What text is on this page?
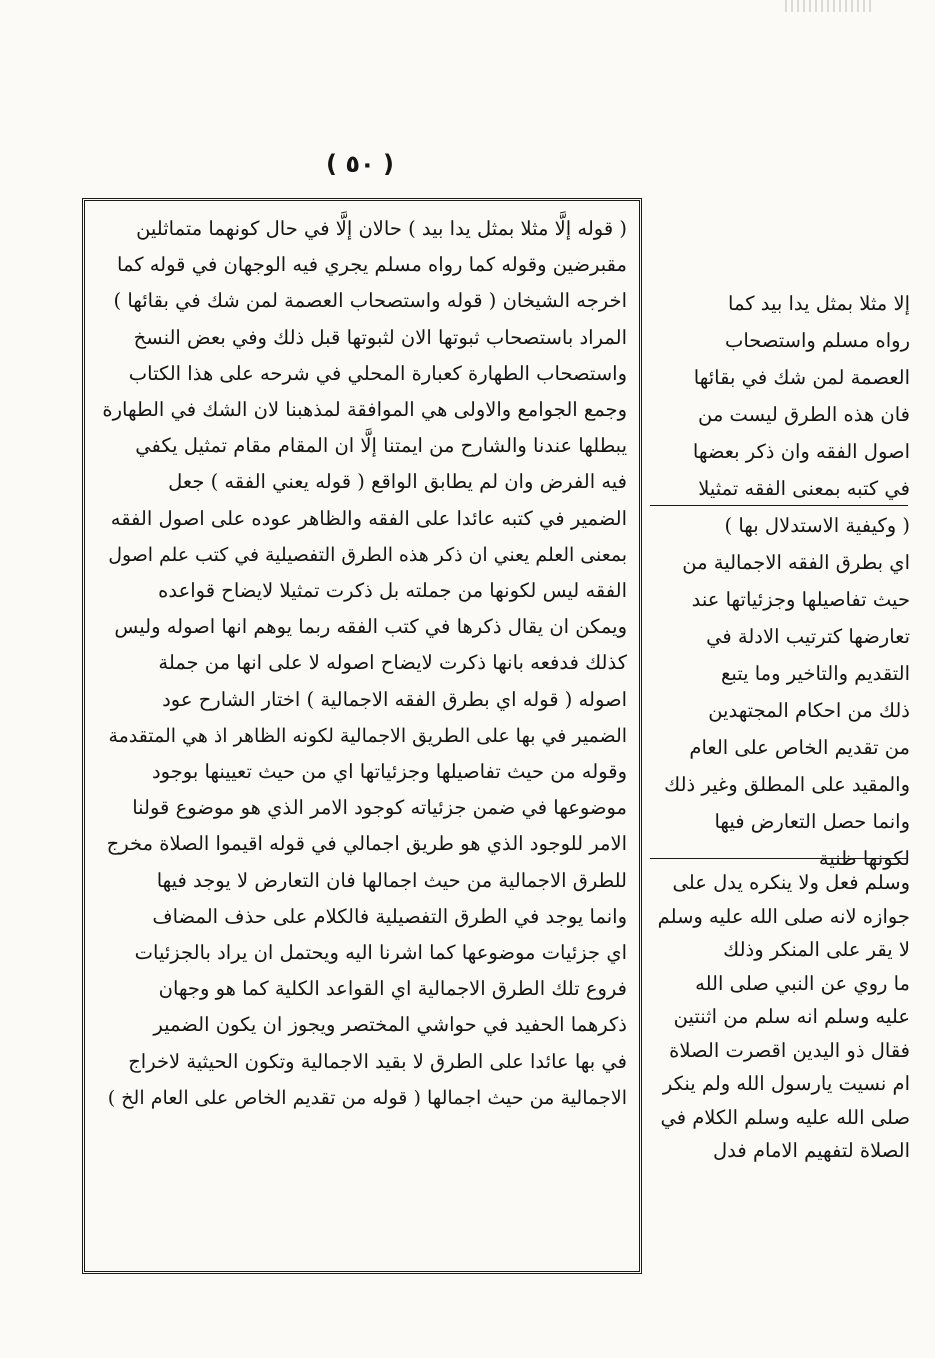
( ٥٠ )
( قوله إلَّا مثلا بمثل يدا بيد ) حالان إلَّا في حال كونهما متماثلين
مقبرضين وقوله كما رواه مسلم يجري فيه الوجهان في قوله كما
اخرجه الشيخان ( قوله واستصحاب العصمة لمن شك في بقائها )
المراد باستصحاب ثبوتها الان لثبوتها قبل ذلك وفي بعض النسخ
واستصحاب الطهارة كعبارة المحلي في شرحه على هذا الكتاب
وجمع الجوامع والاولى هي الموافقة لمذهبنا لان الشك في الطهارة
يبطلها عندنا والشارح من ايمتنا إلَّا ان المقام مقام تمثيل يكفي
فيه الفرض وان لم يطابق الواقع ( قوله يعني الفقه ) جعل
الضمير في كتبه عائدا على الفقه والظاهر عوده على اصول الفقه
بمعنى العلم يعني ان ذكر هذه الطرق التفصيلية في كتب علم اصول
الفقه ليس لكونها من جملته بل ذكرت تمثيلا لايضاح قواعده
ويمكن ان يقال ذكرها في كتب الفقه ربما يوهم انها اصوله وليس
كذلك فدفعه بانها ذكرت لايضاح اصوله لا على انها من جملة
اصوله ( قوله اي بطرق الفقه الاجمالية ) اختار الشارح عود
الضمير في بها على الطريق الاجمالية لكونه الظاهر اذ هي المتقدمة
وقوله من حيث تفاصيلها وجزئياتها اي من حيث تعيينها بوجود
موضوعها في ضمن جزئياته كوجود الامر الذي هو موضوع قولنا
الامر للوجود الذي هو طريق اجمالي في قوله اقيموا الصلاة مخرج
للطرق الاجمالية من حيث اجمالها فان التعارض لا يوجد فيها
وانما يوجد في الطرق التفصيلية فالكلام على حذف المضاف
اي جزئيات موضوعها كما اشرنا اليه ويحتمل ان يراد بالجزئيات
فروع تلك الطرق الاجمالية اي القواعد الكلية كما هو وجهان
ذكرهما الحفيد في حواشي المختصر ويجوز ان يكون الضمير
في بها عائدا على الطرق لا بقيد الاجمالية وتكون الحيثية لاخراج
الاجمالية من حيث اجمالها ( قوله من تقديم الخاص على العام الخ )
إلا مثلا بمثل يدا بيد كما
رواه مسلم واستصحاب
العصمة لمن شك في بقائها
فان هذه الطرق ليست من
اصول الفقه وان ذكر بعضها
في كتبه بمعنى الفقه تمثيلا
( وكيفية الاستدلال بها )
اي بطرق الفقه الاجمالية من
حيث تفاصيلها وجزئياتها عند
تعارضها كترتيب الادلة في
التقديم والتاخير وما يتبع
ذلك من احكام المجتهدين
من تقديم الخاص على العام
والمقيد على المطلق وغير ذلك
وانما حصل التعارض فيها
لكونها ظنية
وسلم فعل ولا ينكره يدل على
جوازه لانه صلى الله عليه وسلم
لا يقر على المنكر وذلك
ما روي عن النبي صلى الله
عليه وسلم انه سلم من اثنتين
فقال ذو اليدين اقصرت الصلاة
ام نسيت يارسول الله ولم ينكر
صلى الله عليه وسلم الكلام في
الصلاة لتفهيم الامام فدل
